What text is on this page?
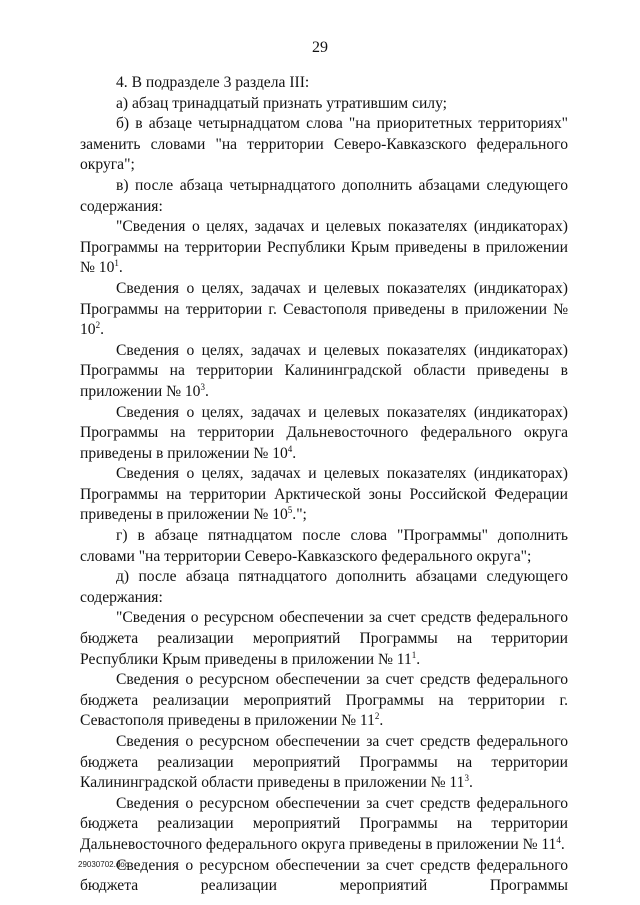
29

4. В подразделе 3 раздела III:

а) абзац тринадцатый признать утратившим силу;

б) в абзаце четырнадцатом слова "на приоритетных территориях" заменить словами "на территории Северо-Кавказского федерального округа";

в) после абзаца четырнадцатого дополнить абзацами следующего содержания:

"Сведения о целях, задачах и целевых показателях (индикаторах) Программы на территории Республики Крым приведены в приложении № $10^1$.

Сведения о целях, задачах и целевых показателях (индикаторах) Программы на территории г. Севастополя приведены в приложении № $10^2$.

Сведения о целях, задачах и целевых показателях (индикаторах) Программы на территории Калининградской области приведены в приложении № $10^3$.

Сведения о целях, задачах и целевых показателях (индикаторах) Программы на территории Дальневосточного федерального округа приведены в приложении № $10^4$.

Сведения о целях, задачах и целевых показателях (индикаторах) Программы на территории Арктической зоны Российской Федерации приведены в приложении № $10^5$.";

г) в абзаце пятнадцатом после слова "Программы" дополнить словами "на территории Северо-Кавказского федерального округа";

д) после абзаца пятнадцатого дополнить абзацами следующего содержания:

"Сведения о ресурсном обеспечении за счет средств федерального бюджета реализации мероприятий Программы на территории Республики Крым приведены в приложении № $11^1$.

Сведения о ресурсном обеспечении за счет средств федерального бюджета реализации мероприятий Программы на территории г. Севастополя приведены в приложении № $11^2$.

Сведения о ресурсном обеспечении за счет средств федерального бюджета реализации мероприятий Программы на территории Калининградской области приведены в приложении № $11^3$.

Сведения о ресурсном обеспечении за счет средств федерального бюджета реализации мероприятий Программы на территории Дальневосточного федерального округа приведены в приложении № $11^4$.

Сведения о ресурсном обеспечении за счет средств федерального бюджета реализации мероприятий Программы

29030702.doc
